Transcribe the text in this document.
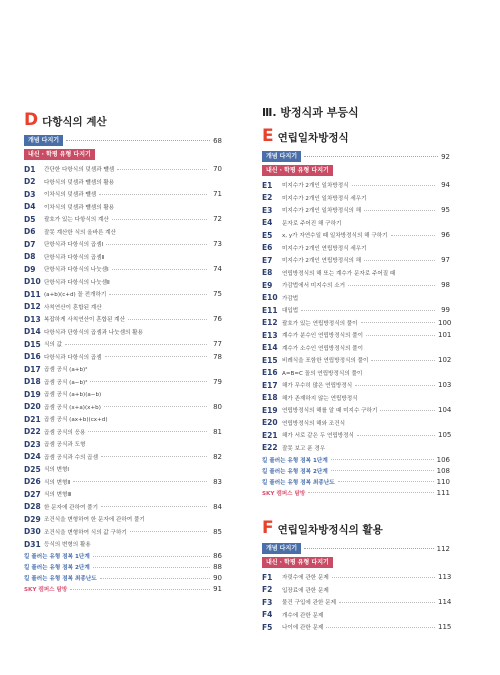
D 다항식의 계산
개념 다지기	68
내신 · 학평 유형 다지기
D1	간단한 다항식의 덧셈과 뺄셈	70
D2	다항식의 덧셈과 뺄셈의 활용
D3	이차식의 덧셈과 뺄셈	71
D4	이차식의 덧셈과 뺄셈의 활용
D5	괄호가 있는 다항식의 계산	72
D6	잘못 계산한 식의 올바른 계산
D7	단항식과 다항식의 곱셈Ⅰ	73
D8	단항식과 다항식의 곱셈Ⅱ
D9	단항식과 다항식의 나눗셈Ⅰ	74
D10 단항식과 다항식의 나눗셈Ⅱ
D11 (a+b)(c+d) 꼴 전개하기	75
D12 사칙연산이 혼합된 계산
D13 복잡하게 사칙연산이 혼합된 계산	76
D14 다항식과 단항식의 곱셈과 나눗셈의 활용
D15 식의 값	77
D16 다항식과 다항식의 곱셈	78
D17 곱셈 공식 (a+b)²
D18 곱셈 공식 (a−b)²	79
D19 곱셈 공식 (a+b)(a−b)
D20 곱셈 공식 (x+a)(x+b)	80
D21 곱셈 공식 (ax+b)(cx+d)
D22 곱셈 공식의 응용	81
D23 곱셈 공식과 도형
D24 곱셈 공식과 수의 곱셈	82
D25 식의 변형Ⅰ
D26 식의 변형Ⅱ	83
D27 식의 변형Ⅲ
D28 한 문자에 관하여 풀기	84
D29 조건식을 변형하여 한 문자에 관하여 풀기
D30 조건식을 변형하여 식의 값 구하기	85
D31 등식의 변형의 활용
킬 플러는 유형 점복 1단계	86
킬 플러는 유형 점복 2단계	88
킬 플러는 유형 점복 최종난도	90
SKY 캠퍼스 탐방	91
Ⅲ. 방정식과 부등식
E 연립일차방정식
개념 다지기	92
내신 · 학평 유형 다지기
E1	미지수가 2개인 일차방정식	94
E2	미지수가 2개인 일차방정식 세우기
E3	미지수가 2개인 일차방정식의 해	95
E4	문자로 주어진 해 구하기
E5	x, y가 자연수일 때 일차방정식의 해 구하기	96
E6	미지수가 2개인 연립방정식 세우기
E7	미지수가 2개인 연립방정식의 해	97
E8	연립방정식의 해 또는 계수가 문자로 주어질 때
E9	가감법에서 미지수의 소거	98
E10 가감법
E11 대입법	99
E12 괄호가 있는 연립방정식의 풀이	100
E13 계수가 분수인 연립방정식의 풀이	101
E14 계수가 소수인 연립방정식의 풀이
E15 비례식을 포함한 연립방정식의 풀이	102
E16 A=B=C 꼴의 연립방정식의 풀이
E17 해가 무수히 많은 연립방정식	103
E18 해가 존재하지 않는 연립방정식
E19 연립방정식의 해를 알 때 미지수 구하기	104
E20 연립방정식의 해와 조건식
E21 해가 서로 같은 두 연립방정식	105
E22 잘못 보고 푼 경우
킬 플러는 유형 점복 1단계	106
킬 플러는 유형 점복 2단계	108
킬 플러는 유형 점복 최종난도	110
SKY 캠퍼스 탐방	111
F 연립일차방정식의 활용
개념 다지기	112
내신 · 학평 유형 다지기
F1	자릿수에 관한 문제	113
F2	입장료에 관한 문제
F3	물건 구입에 관한 문제	114
F4	개수에 관한 문제
F5	나이에 관한 문제	115
